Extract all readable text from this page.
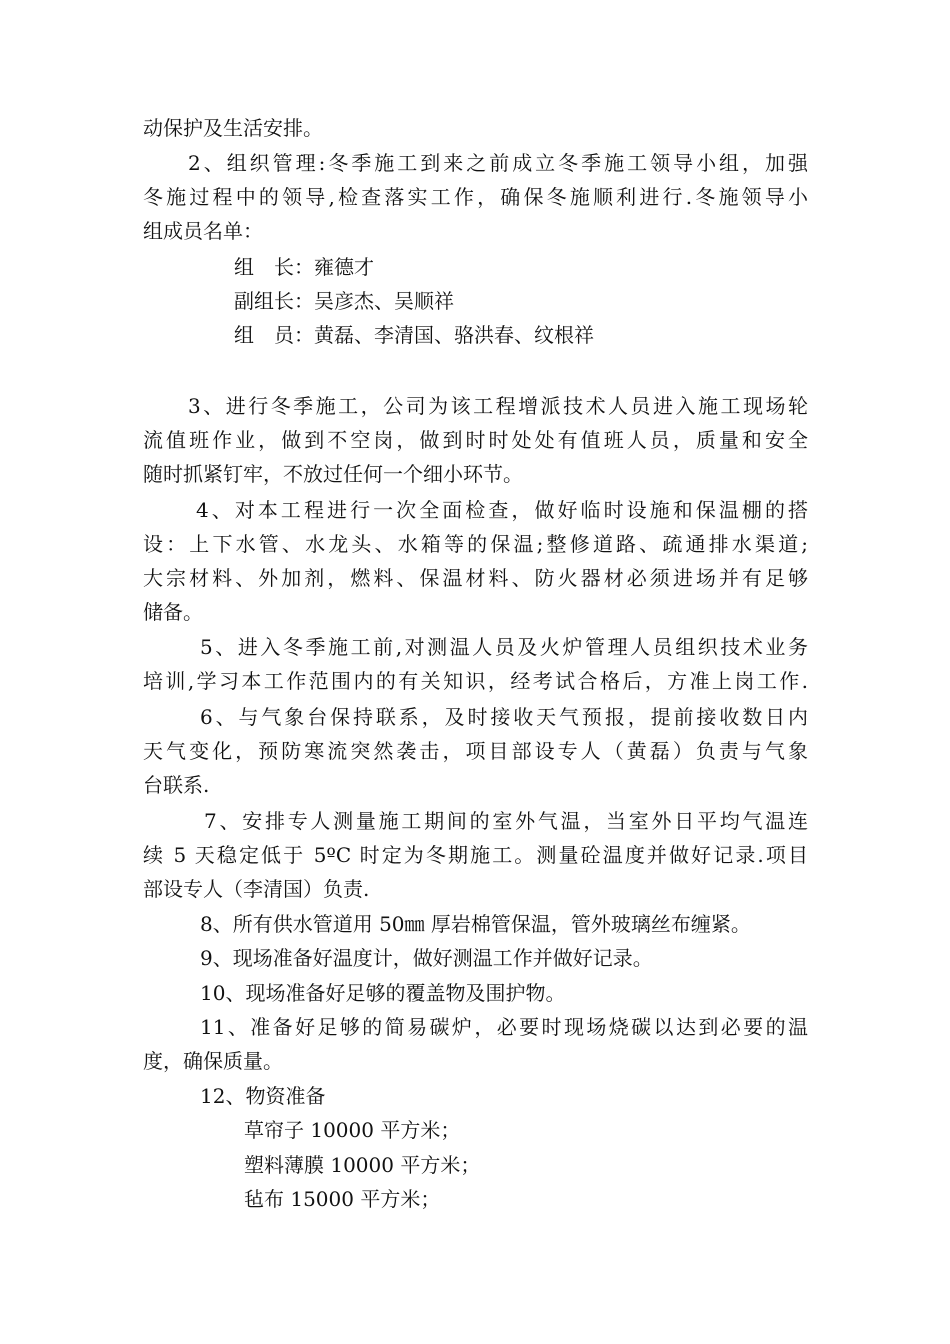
动保护及生活安排。

2、组织管理:冬季施工到来之前成立冬季施工领导小组，加强

冬施过程中的领导,检查落实工作，确保冬施顺利进行.冬施领导小

组成员名单：

组　长：雍德才

副组长：吴彦杰、吴顺祥

组　员：黄磊、李清国、骆洪春、纹根祥

3、进行冬季施工，公司为该工程增派技术人员进入施工现场轮

流值班作业，做到不空岗，做到时时处处有值班人员，质量和安全

随时抓紧钉牢，不放过任何一个细小环节。

4、对本工程进行一次全面检查，做好临时设施和保温棚的搭

设：上下水管、水龙头、水箱等的保温;整修道路、疏通排水渠道;

大宗材料、外加剂，燃料、保温材料、防火器材必须进场并有足够

储备。

5、进入冬季施工前,对测温人员及火炉管理人员组织技术业务

培训,学习本工作范围内的有关知识，经考试合格后，方准上岗工作.

6、与气象台保持联系，及时接收天气预报，提前接收数日内

天气变化，预防寒流突然袭击，项目部设专人（黄磊）负责与气象

台联系.

7、安排专人测量施工期间的室外气温，当室外日平均气温连

续 5 天稳定低于 5ºC 时定为冬期施工。测量砼温度并做好记录.项目

部设专人（李清国）负责.

8、所有供水管道用 50㎜ 厚岩棉管保温，管外玻璃丝布缠紧。

9、现场准备好温度计，做好测温工作并做好记录。

10、现场准备好足够的覆盖物及围护物。

11、准备好足够的简易碳炉，必要时现场烧碳以达到必要的温

度，确保质量。

12、物资准备

草帘子 10000 平方米；

塑料薄膜 10000 平方米；

毡布 15000 平方米；
